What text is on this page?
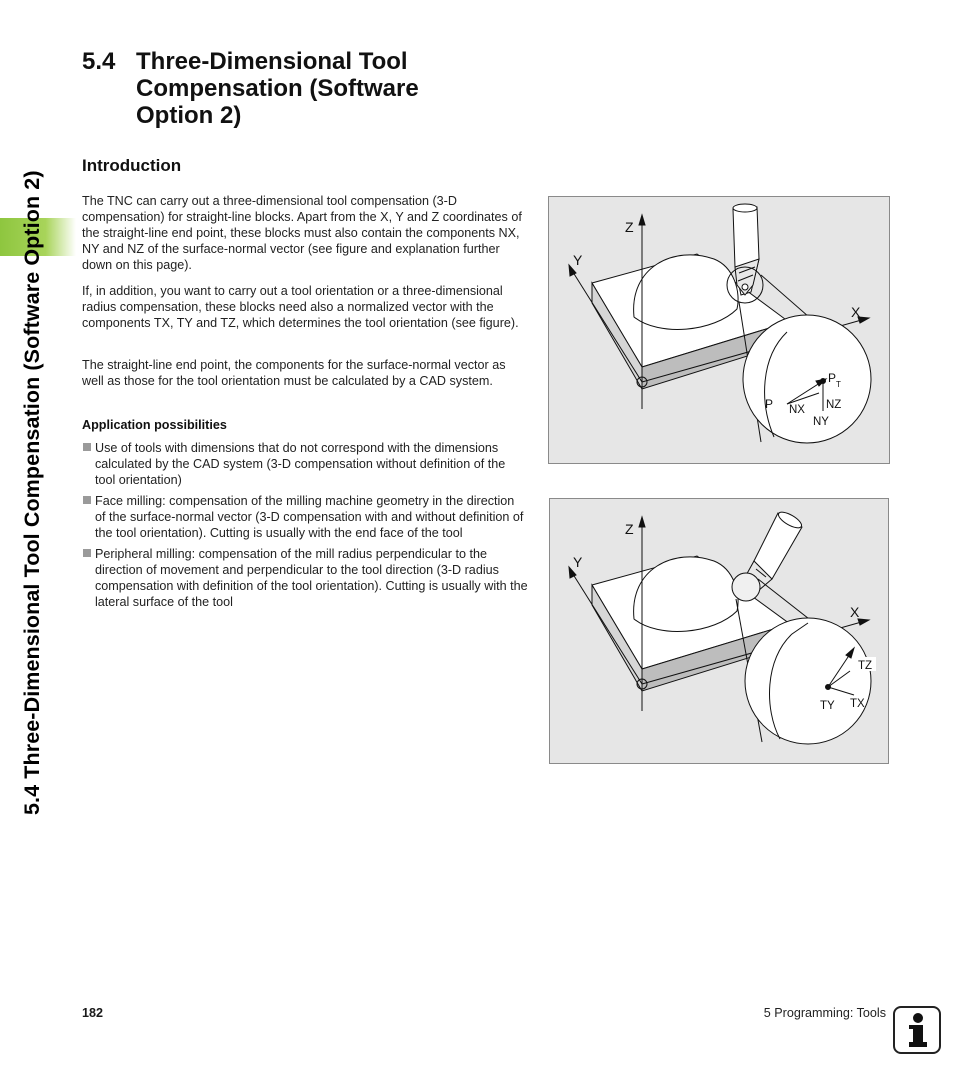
5.4 Three-Dimensional Tool Compensation (Software Option 2)
5.4 Three-Dimensional Tool Compensation (Software Option 2)
Introduction
The TNC can carry out a three-dimensional tool compensation (3-D compensation) for straight-line blocks. Apart from the X, Y and Z coordinates of the straight-line end point, these blocks must also contain the components NX, NY and NZ of the surface-normal vector (see figure and explanation further down on this page).
If, in addition, you want to carry out a tool orientation or a three-dimensional radius compensation, these blocks need also a normalized vector with the components TX, TY and TZ, which determines the tool orientation (see figure).
The straight-line end point, the components for the surface-normal vector as well as those for the tool orientation must be calculated by a CAD system.
Application possibilities
Use of tools with dimensions that do not correspond with the dimensions calculated by the CAD system (3-D compensation without definition of the tool orientation)
Face milling: compensation of the milling machine geometry in the direction of the surface-normal vector (3-D compensation with and without definition of the tool orientation). Cutting is usually with the end face of the tool
Peripheral milling: compensation of the mill radius perpendicular to the direction of movement and perpendicular to the tool direction (3-D radius compensation with definition of the tool orientation). Cutting is usually with the lateral surface of the tool
Z
Y
X
P
P T
NX
NY
NZ
Z
Y
X
TZ
TY TX
182	5 Programming: Tools
